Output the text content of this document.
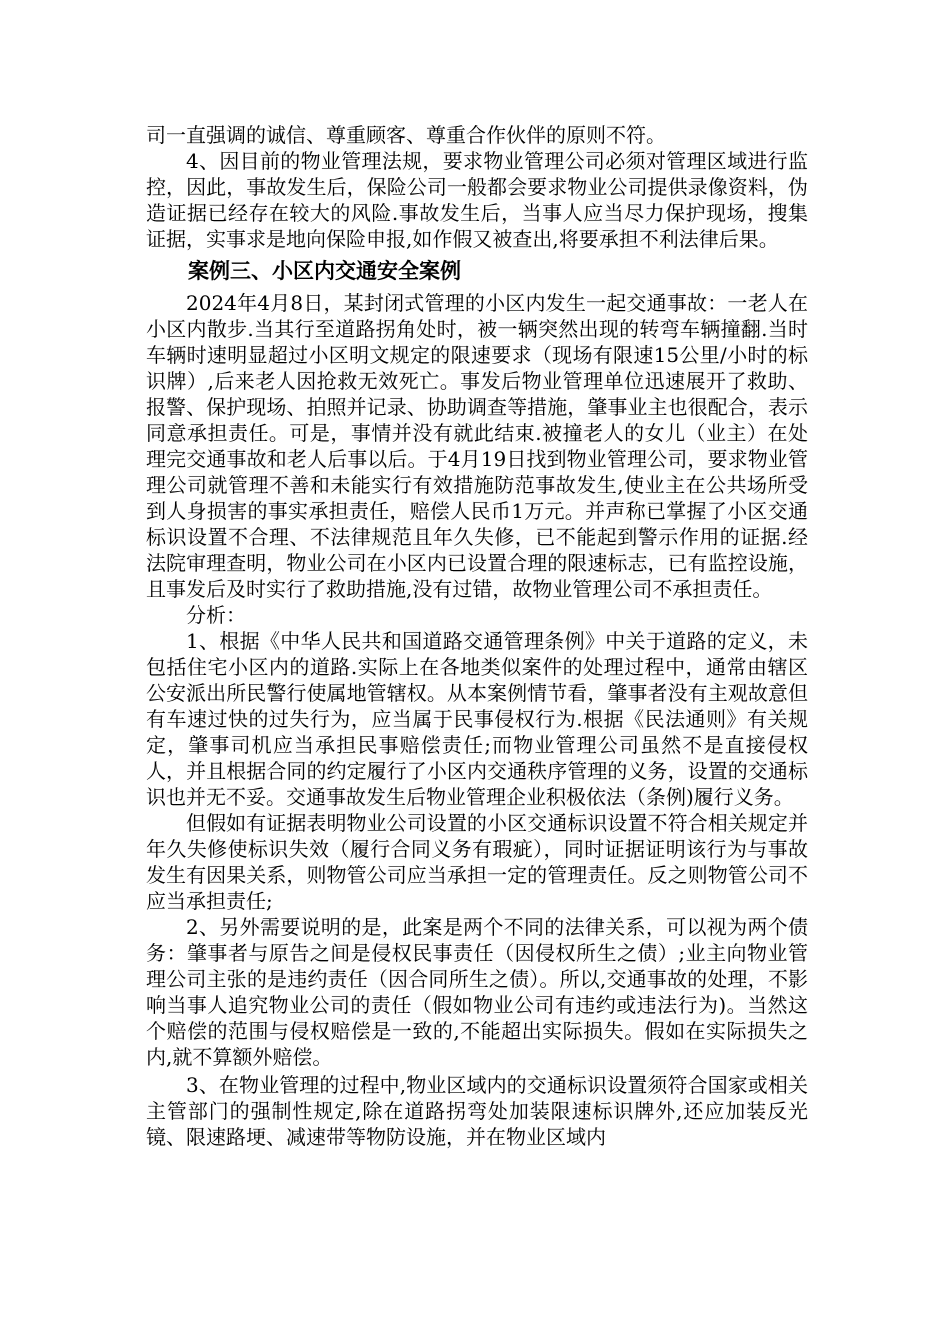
司一直强调的诚信、尊重顾客、尊重合作伙伴的原则不符。

4、因目前的物业管理法规，要求物业管理公司必须对管理区域进行监控，因此，事故发生后，保险公司一般都会要求物业公司提供录像资料，伪造证据已经存在较大的风险.事故发生后，当事人应当尽力保护现场，搜集证据，实事求是地向保险申报,如作假又被查出,将要承担不利法律后果。

案例三、小区内交通安全案例

2024年4月8日，某封闭式管理的小区内发生一起交通事故：一老人在小区内散步.当其行至道路拐角处时，被一辆突然出现的转弯车辆撞翻.当时车辆时速明显超过小区明文规定的限速要求（现场有限速15公里/小时的标识牌）,后来老人因抢救无效死亡。事发后物业管理单位迅速展开了救助、报警、保护现场、拍照并记录、协助调查等措施，肇事业主也很配合，表示同意承担责任。可是，事情并没有就此结束.被撞老人的女儿（业主）在处理完交通事故和老人后事以后。于4月19日找到物业管理公司，要求物业管理公司就管理不善和未能实行有效措施防范事故发生,使业主在公共场所受到人身损害的事实承担责任，赔偿人民币1万元。并声称已掌握了小区交通标识设置不合理、不法律规范且年久失修，已不能起到警示作用的证据.经法院审理查明，物业公司在小区内已设置合理的限速标志，已有监控设施，且事发后及时实行了救助措施,没有过错，故物业管理公司不承担责任。

分析：

1、根据《中华人民共和国道路交通管理条例》中关于道路的定义，未包括住宅小区内的道路.实际上在各地类似案件的处理过程中，通常由辖区公安派出所民警行使属地管辖权。从本案例情节看，肇事者没有主观故意但有车速过快的过失行为，应当属于民事侵权行为.根据《民法通则》有关规定，肇事司机应当承担民事赔偿责任;而物业管理公司虽然不是直接侵权人，并且根据合同的约定履行了小区内交通秩序管理的义务，设置的交通标识也并无不妥。交通事故发生后物业管理企业积极依法（条例)履行义务。

但假如有证据表明物业公司设置的小区交通标识设置不符合相关规定并年久失修使标识失效（履行合同义务有瑕疵），同时证据证明该行为与事故发生有因果关系，则物管公司应当承担一定的管理责任。反之则物管公司不应当承担责任;

2、另外需要说明的是，此案是两个不同的法律关系，可以视为两个债务：肇事者与原告之间是侵权民事责任（因侵权所生之债）;业主向物业管理公司主张的是违约责任（因合同所生之债）。所以,交通事故的处理，不影响当事人追究物业公司的责任（假如物业公司有违约或违法行为)。当然这个赔偿的范围与侵权赔偿是一致的,不能超出实际损失。假如在实际损失之内,就不算额外赔偿。

3、在物业管理的过程中,物业区域内的交通标识设置须符合国家或相关主管部门的强制性规定,除在道路拐弯处加装限速标识牌外,还应加装反光镜、限速路埂、减速带等物防设施，并在物业区域内
